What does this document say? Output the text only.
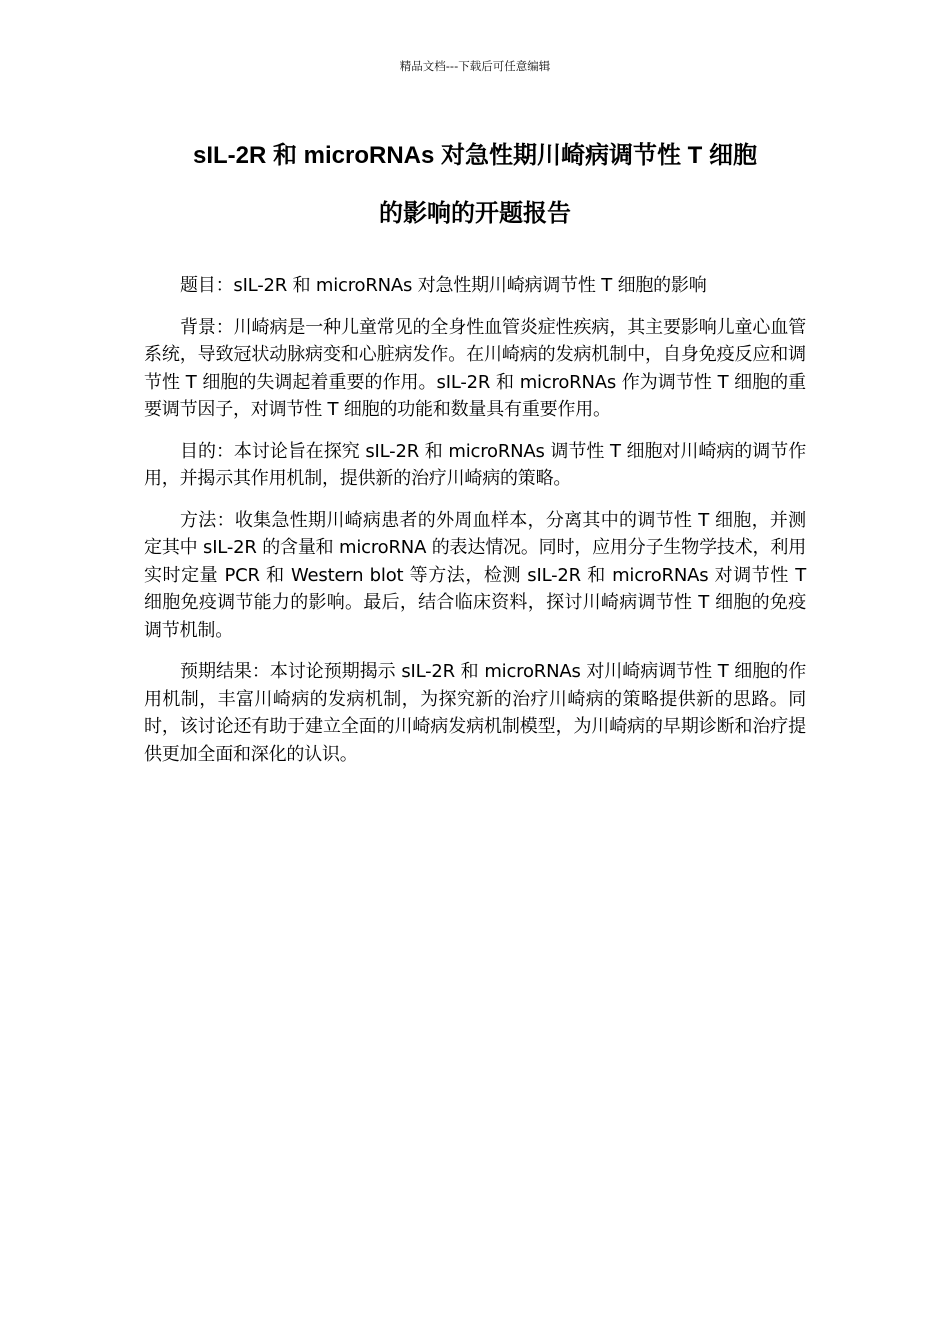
精品文档---下载后可任意编辑
sIL-2R 和 microRNAs 对急性期川崎病调节性 T 细胞
的影响的开题报告

题目：sIL-2R 和 microRNAs 对急性期川崎病调节性 T 细胞的影响

背景：川崎病是一种儿童常见的全身性血管炎症性疾病，其主要影响儿童心血管系统，导致冠状动脉病变和心脏病发作。在川崎病的发病机制中，自身免疫反应和调节性 T 细胞的失调起着重要的作用。sIL-2R 和 microRNAs 作为调节性 T 细胞的重要调节因子，对调节性 T 细胞的功能和数量具有重要作用。

目的：本讨论旨在探究 sIL-2R 和 microRNAs 调节性 T 细胞对川崎病的调节作用，并揭示其作用机制，提供新的治疗川崎病的策略。

方法：收集急性期川崎病患者的外周血样本，分离其中的调节性 T 细胞，并测定其中 sIL-2R 的含量和 microRNA 的表达情况。同时，应用分子生物学技术，利用实时定量 PCR 和 Western blot 等方法，检测 sIL-2R 和 microRNAs 对调节性 T 细胞免疫调节能力的影响。最后，结合临床资料，探讨川崎病调节性 T 细胞的免疫调节机制。

预期结果：本讨论预期揭示 sIL-2R 和 microRNAs 对川崎病调节性 T 细胞的作用机制，丰富川崎病的发病机制，为探究新的治疗川崎病的策略提供新的思路。同时，该讨论还有助于建立全面的川崎病发病机制模型，为川崎病的早期诊断和治疗提供更加全面和深化的认识。
